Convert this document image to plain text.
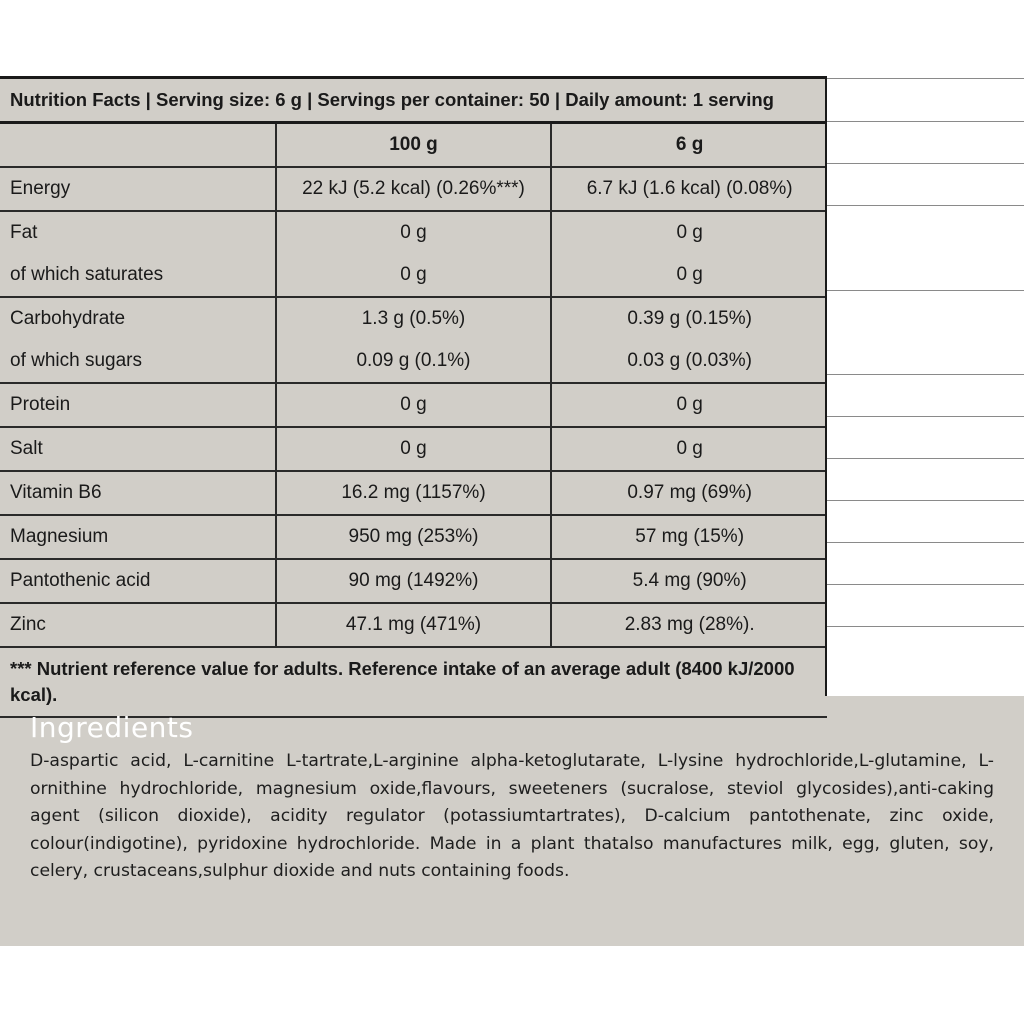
Nutrition Facts | Serving size: 6 g | Servings per container: 50 | Daily amount: 1 serving		
	100 g	6 g
Energy	22 kJ (5.2 kcal) (0.26%***)	6.7 kJ (1.6 kcal) (0.08%)
Fat	0 g	0 g
of which saturates	0 g	0 g
Carbohydrate	1.3 g (0.5%)	0.39 g (0.15%)
of which sugars	0.09 g (0.1%)	0.03 g (0.03%)
Protein	0 g	0 g
Salt	0 g	0 g
Vitamin B6	16.2 mg (1157%)	0.97 mg (69%)
Magnesium	950 mg (253%)	57 mg (15%)
Pantothenic acid	90 mg (1492%)	5.4 mg (90%)
Zinc	47.1 mg (471%)	2.83 mg (28%).
*** Nutrient reference value for adults. Reference intake of an average adult (8400 kJ/2000 kcal).		
Ingredients

D-aspartic acid, L-carnitine L-tartrate,L-arginine alpha-ketoglutarate, L-lysine hydrochloride,L-glutamine, L-ornithine hydrochloride, magnesium oxide,flavours, sweeteners (sucralose, steviol glycosides),anti-caking agent (silicon dioxide), acidity regulator (potassiumtartrates), D-calcium pantothenate, zinc oxide, colour(indigotine), pyridoxine hydrochloride. Made in a plant thatalso manufactures milk, egg, gluten, soy, celery, crustaceans,sulphur dioxide and nuts containing foods.
